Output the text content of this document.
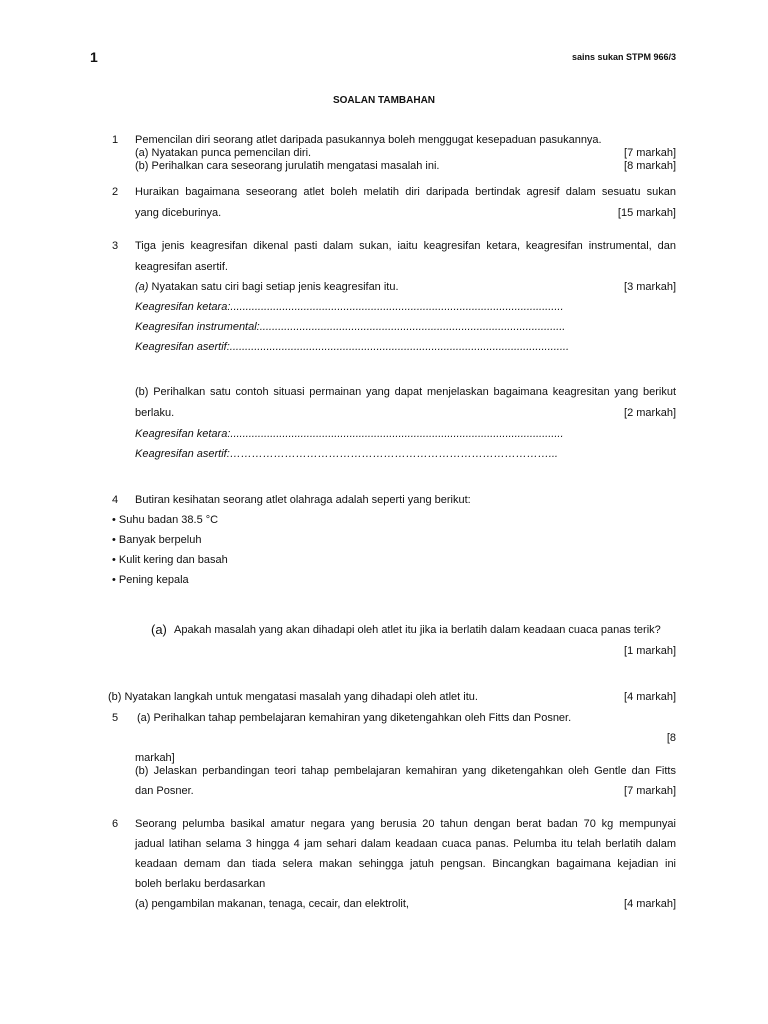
1	sains sukan STPM 966/3
SOALAN TAMBAHAN
1 Pemencilan diri seorang atlet daripada pasukannya boleh menggugat kesepaduan pasukannya.
(a) Nyatakan punca pemencilan diri.	[7 markah]
(b) Perihalkan cara seseorang jurulatih mengatasi masalah ini.	[8 markah]
2 Huraikan bagaimana seseorang atlet boleh melatih diri daripada bertindak agresif dalam sesuatu sukan
yang diceburinya.	[15 markah]
3 Tiga jenis keagresifan dikenal pasti dalam sukan, iaitu keagresifan ketara, keagresifan instrumental, dan
keagresifan asertif.
(a) Nyatakan satu ciri bagi setiap jenis keagresifan itu.	[3 markah]
Keagresifan ketara:.............................................................................................................
Keagresifan instrumental:....................................................................................................
Keagresifan asertif:...............................................................................................................
(b) Perihalkan satu contoh situasi permainan yang dapat menjelaskan bagaimana keagresitan yang berikut
berlaku.	[2 markah]
Keagresifan ketara:.............................................................................................................
Keagresifan asertif:……………………………………………………………………………...
4 Butiran kesihatan seorang atlet olahraga adalah seperti yang berikut:
• Suhu badan 38.5 °C
• Banyak berpeluh
• Kulit kering dan basah
• Pening kepala
(a) Apakah masalah yang akan dihadapi oleh atlet itu jika ia berlatih dalam keadaan cuaca panas terik?
[1 markah]
(b) Nyatakan langkah untuk mengatasi masalah yang dihadapi oleh atlet itu.	[4 markah]
5 (a) Perihalkan tahap pembelajaran kemahiran yang diketengahkan oleh Fitts dan Posner.
[8
markah]
(b) Jelaskan perbandingan teori tahap pembelajaran kemahiran yang diketengahkan oleh Gentle dan Fitts
dan Posner.	[7 markah]
6 Seorang pelumba basikal amatur negara yang berusia 20 tahun dengan berat badan 70 kg mempunyai
jadual latihan selama 3 hingga 4 jam sehari dalam keadaan cuaca panas. Pelumba itu telah berlatih dalam
keadaan demam dan tiada selera makan sehingga jatuh pengsan. Bincangkan bagaimana kejadian ini
boleh berlaku berdasarkan
(a) pengambilan makanan, tenaga, cecair, dan elektrolit,	[4 markah]
